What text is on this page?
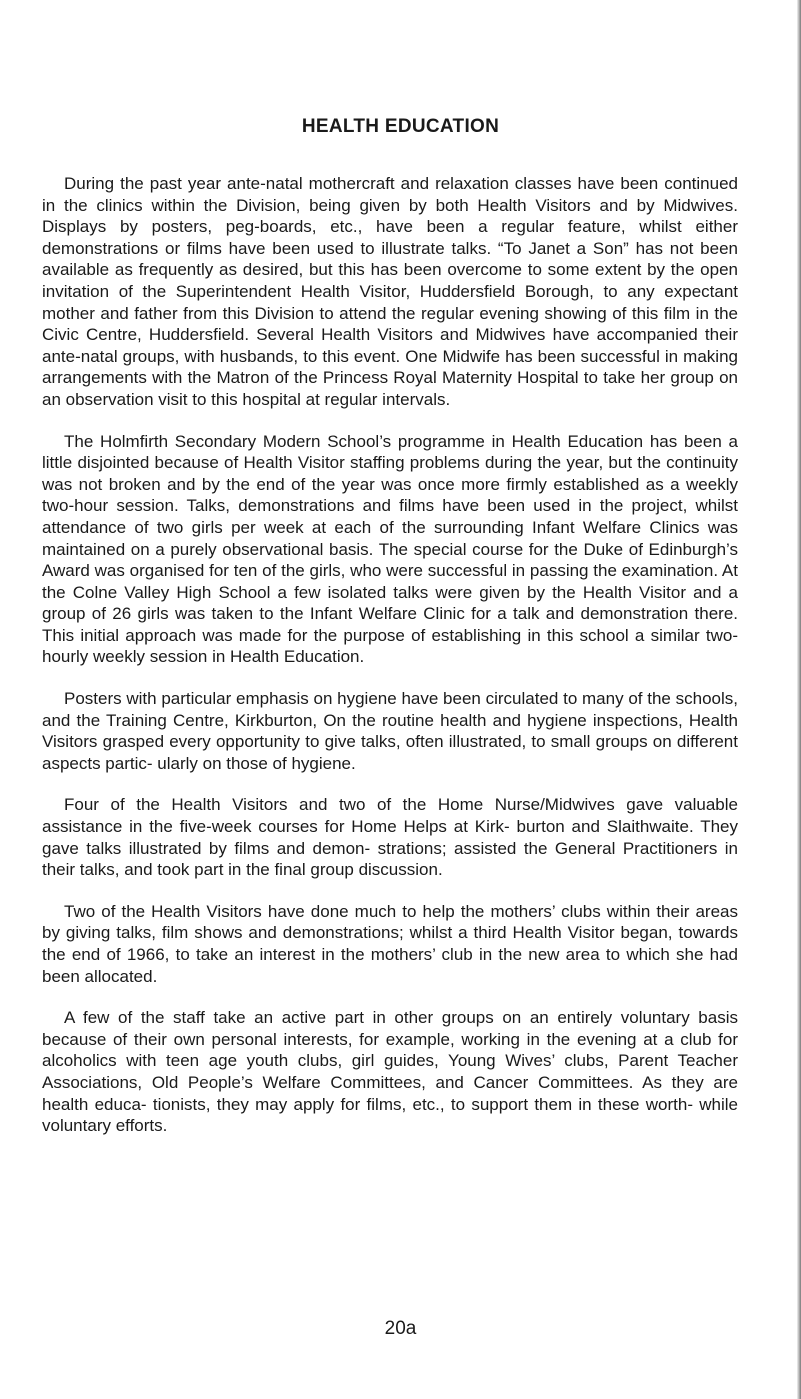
HEALTH EDUCATION

During the past year ante-natal mothercraft and relaxation classes have been continued in the clinics within the Division, being given by both Health Visitors and by Midwives. Displays by posters, peg-boards, etc., have been a regular feature, whilst either demonstrations or films have been used to illustrate talks. “To Janet a Son” has not been available as frequently as desired, but this has been overcome to some extent by the open invitation of the Superintendent Health Visitor, Huddersfield Borough, to any expectant mother and father from this Division to attend the regular evening showing of this film in the Civic Centre, Huddersfield. Several Health Visitors and Midwives have accompanied their ante-natal groups, with husbands, to this event. One Midwife has been successful in making arrangements with the Matron of the Princess Royal Maternity Hospital to take her group on an observation visit to this hospital at regular intervals.

The Holmfirth Secondary Modern School’s programme in Health Education has been a little disjointed because of Health Visitor staffing problems during the year, but the continuity was not broken and by the end of the year was once more firmly established as a weekly two-hour session. Talks, demonstrations and films have been used in the project, whilst attendance of two girls per week at each of the surrounding Infant Welfare Clinics was maintained on a purely observational basis. The special course for the Duke of Edinburgh’s Award was organised for ten of the girls, who were successful in passing the examination. At the Colne Valley High School a few isolated talks were given by the Health Visitor and a group of 26 girls was taken to the Infant Welfare Clinic for a talk and demonstration there. This initial approach was made for the purpose of establishing in this school a similar two-hourly weekly session in Health Education.

Posters with particular emphasis on hygiene have been circulated to many of the schools, and the Training Centre, Kirkburton, On the routine health and hygiene inspections, Health Visitors grasped every opportunity to give talks, often illustrated, to small groups on different aspects partic- ularly on those of hygiene.

Four of the Health Visitors and two of the Home Nurse/Midwives gave valuable assistance in the five-week courses for Home Helps at Kirk- burton and Slaithwaite. They gave talks illustrated by films and demon- strations; assisted the General Practitioners in their talks, and took part in the final group discussion.

Two of the Health Visitors have done much to help the mothers’ clubs within their areas by giving talks, film shows and demonstrations; whilst a third Health Visitor began, towards the end of 1966, to take an interest in the mothers’ club in the new area to which she had been allocated.

A few of the staff take an active part in other groups on an entirely voluntary basis because of their own personal interests, for example, working in the evening at a club for alcoholics with teen age youth clubs, girl guides, Young Wives’ clubs, Parent Teacher Associations, Old People’s Welfare Committees, and Cancer Committees. As they are health educa- tionists, they may apply for films, etc., to support them in these worth- while voluntary efforts.

20a
